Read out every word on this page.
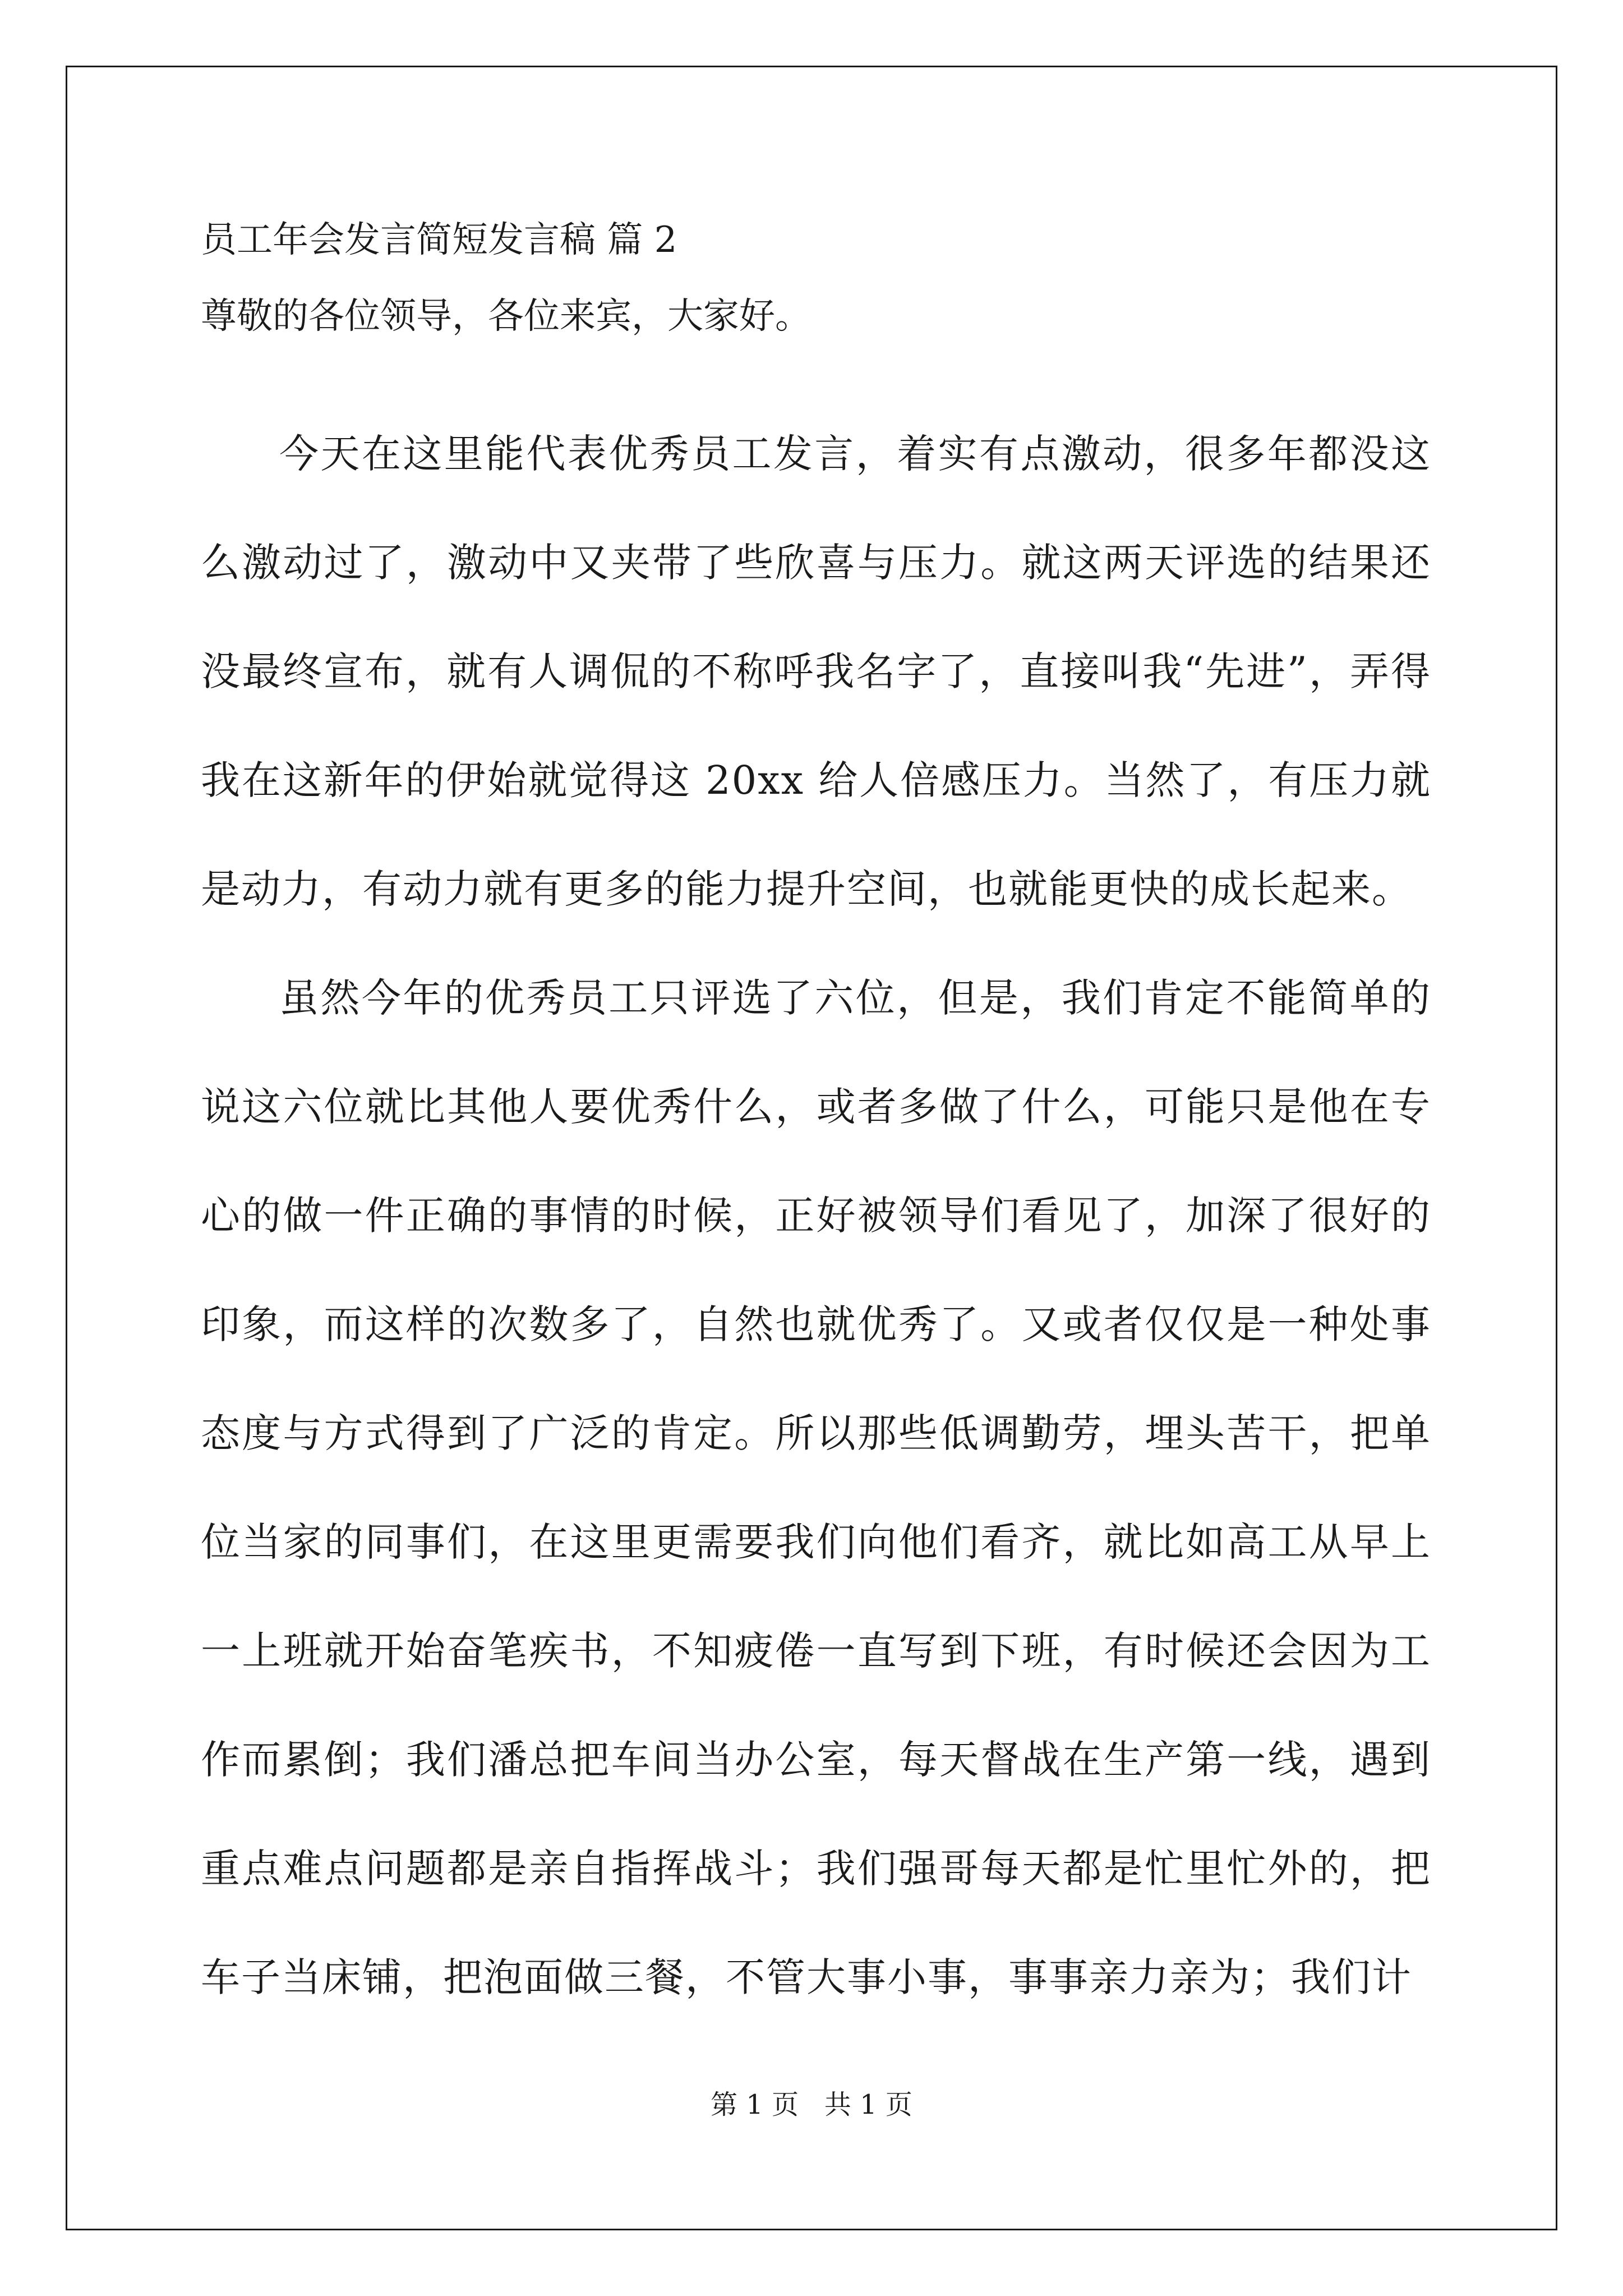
员工年会发言简短发言稿 篇 2

尊敬的各位领导，各位来宾，大家好。

今天在这里能代表优秀员工发言，着实有点激动，很多年都没这么激动过了，激动中又夹带了些欣喜与压力。就这两天评选的结果还没最终宣布，就有人调侃的不称呼我名字了，直接叫我“先进”，弄得我在这新年的伊始就觉得这 20xx 给人倍感压力。当然了，有压力就是动力，有动力就有更多的能力提升空间，也就能更快的成长起来。

虽然今年的优秀员工只评选了六位，但是，我们肯定不能简单的说这六位就比其他人要优秀什么，或者多做了什么，可能只是他在专心的做一件正确的事情的时候，正好被领导们看见了，加深了很好的印象，而这样的次数多了，自然也就优秀了。又或者仅仅是一种处事态度与方式得到了广泛的肯定。所以那些低调勤劳，埋头苦干，把单位当家的同事们，在这里更需要我们向他们看齐，就比如高工从早上一上班就开始奋笔疾书，不知疲倦一直写到下班，有时候还会因为工作而累倒；我们潘总把车间当办公室，每天督战在生产第一线，遇到重点难点问题都是亲自指挥战斗；我们强哥每天都是忙里忙外的，把车子当床铺，把泡面做三餐，不管大事小事，事事亲力亲为；我们计

第 1 页   共 1 页
